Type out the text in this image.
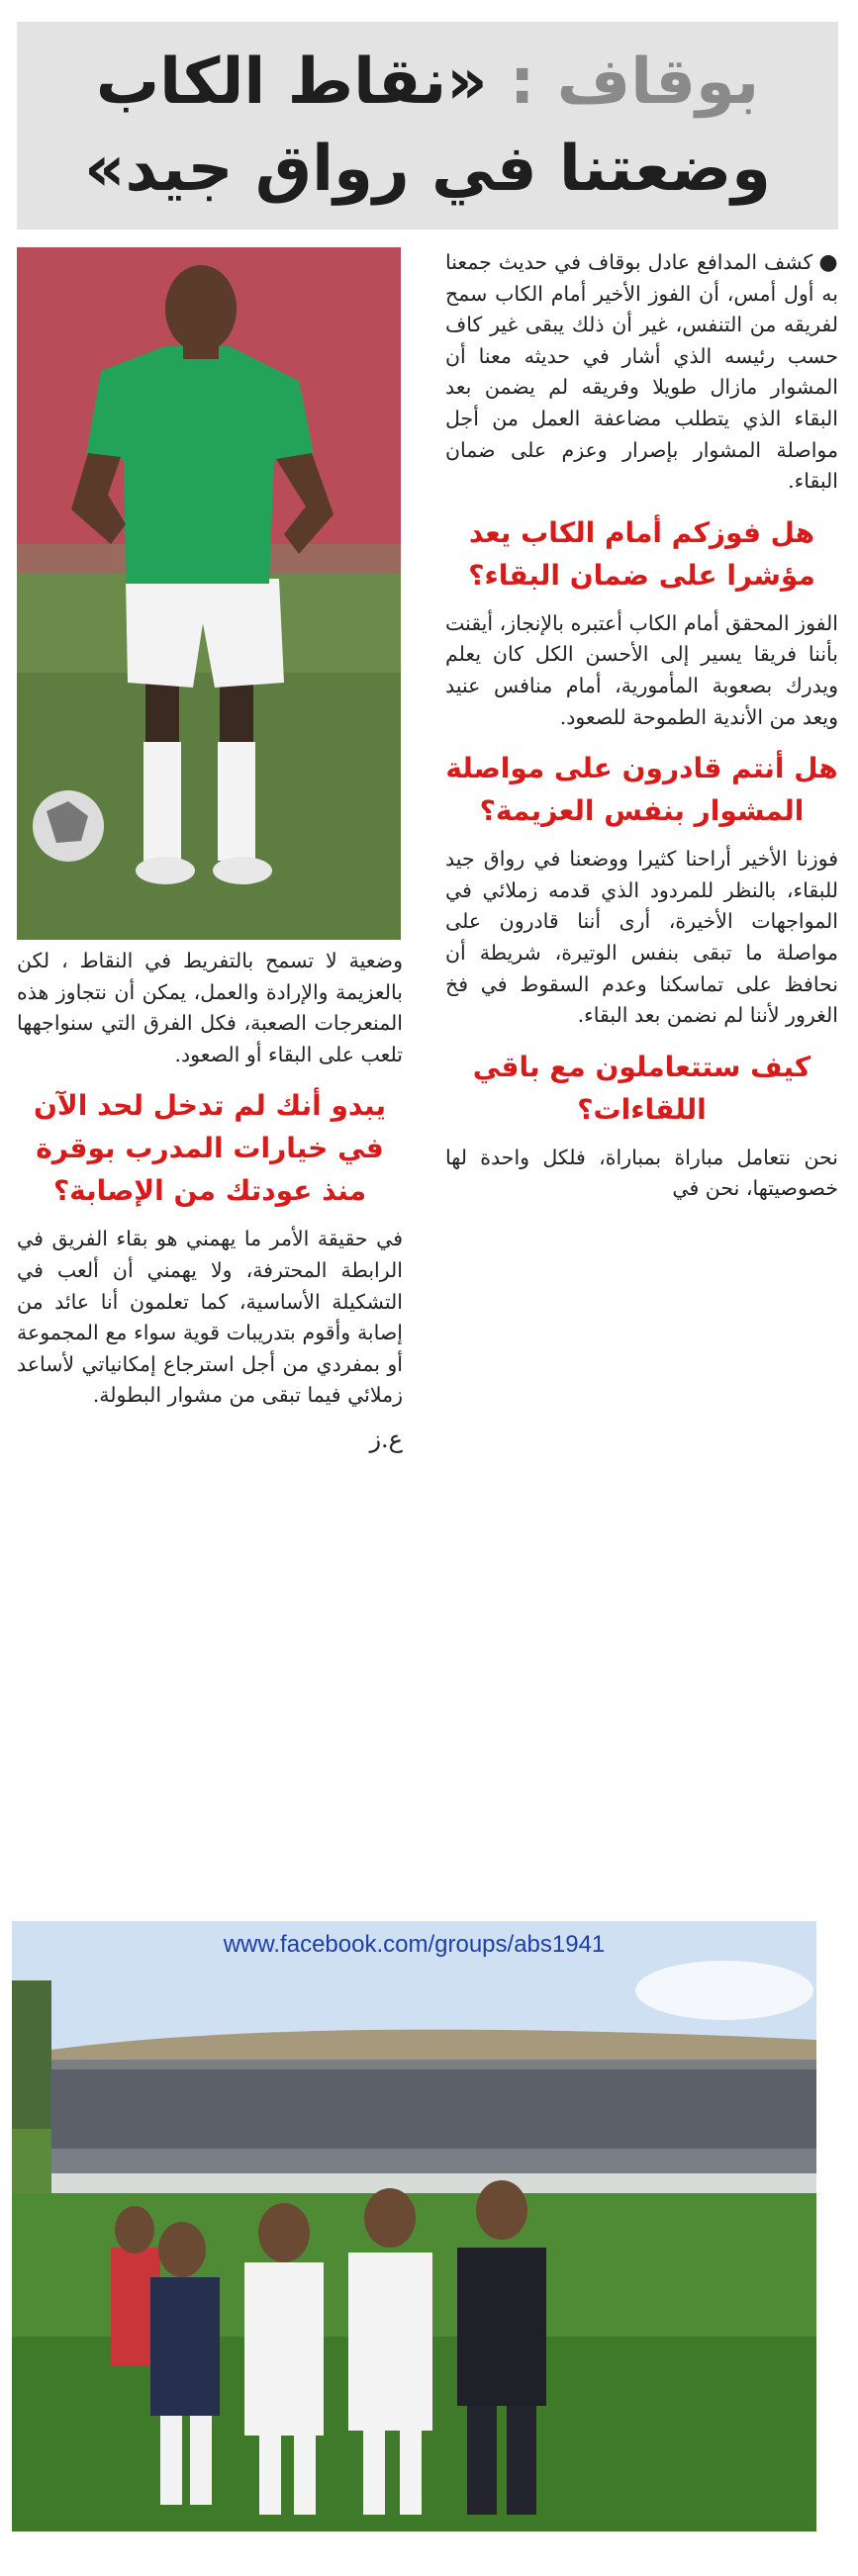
بوقاف : «نقاط الكاب
وضعتنا في رواق جيد»

●كشف المدافع عادل بوقاف في حديث جمعنا به أول أمس، أن الفوز الأخير أمام الكاب سمح لفريقه من التنفس، غير أن ذلك يبقى غير كاف حسب رئيسه الذي أشار في حديثه معنا أن المشوار مازال طويلا وفريقه لم يضمن بعد البقاء الذي يتطلب مضاعفة العمل من أجل مواصلة المشوار بإصرار وعزم على ضمان البقاء.

هل فوزكم أمام الكاب يعد مؤشرا على ضمان البقاء؟

الفوز المحقق أمام الكاب أعتبره بالإنجاز، أيقنت بأننا فريقا يسير إلى الأحسن الكل كان يعلم ويدرك بصعوبة المأمورية، أمام منافس عنيد ويعد من الأندية الطموحة للصعود.

هل أنتم قادرون على مواصلة المشوار بنفس العزيمة؟

فوزنا الأخير أراحنا كثيرا ووضعنا في رواق جيد للبقاء، بالنظر للمردود الذي قدمه زملائي في المواجهات الأخيرة، أرى أننا قادرون على مواصلة ما تبقى بنفس الوتيرة، شريطة أن نحافظ على تماسكنا وعدم السقوط في فخ الغرور لأننا لم نضمن بعد البقاء.

كيف ستتعاملون مع باقي اللقاءات؟

نحن نتعامل مباراة بمباراة، فلكل واحدة لها خصوصيتها، نحن في

وضعية لا تسمح بالتفريط في النقاط ، لكن بالعزيمة والإرادة والعمل، يمكن أن نتجاوز هذه المنعرجات الصعبة، فكل الفرق التي سنواجهها تلعب على البقاء أو الصعود.

يبدو أنك لم تدخل لحد الآن في خيارات المدرب بوقرة منذ عودتك من الإصابة؟

في حقيقة الأمر ما يهمني هو بقاء الفريق في الرابطة المحترفة، ولا يهمني أن ألعب في التشكيلة الأساسية، كما تعلمون أنا عائد من إصابة وأقوم بتدريبات قوية سواء مع المجموعة أو بمفردي من أجل استرجاع إمكانياتي لأساعد زملائي فيما تبقى من مشوار البطولة.

ع.ز
www.facebook.com/groups/abs1941
